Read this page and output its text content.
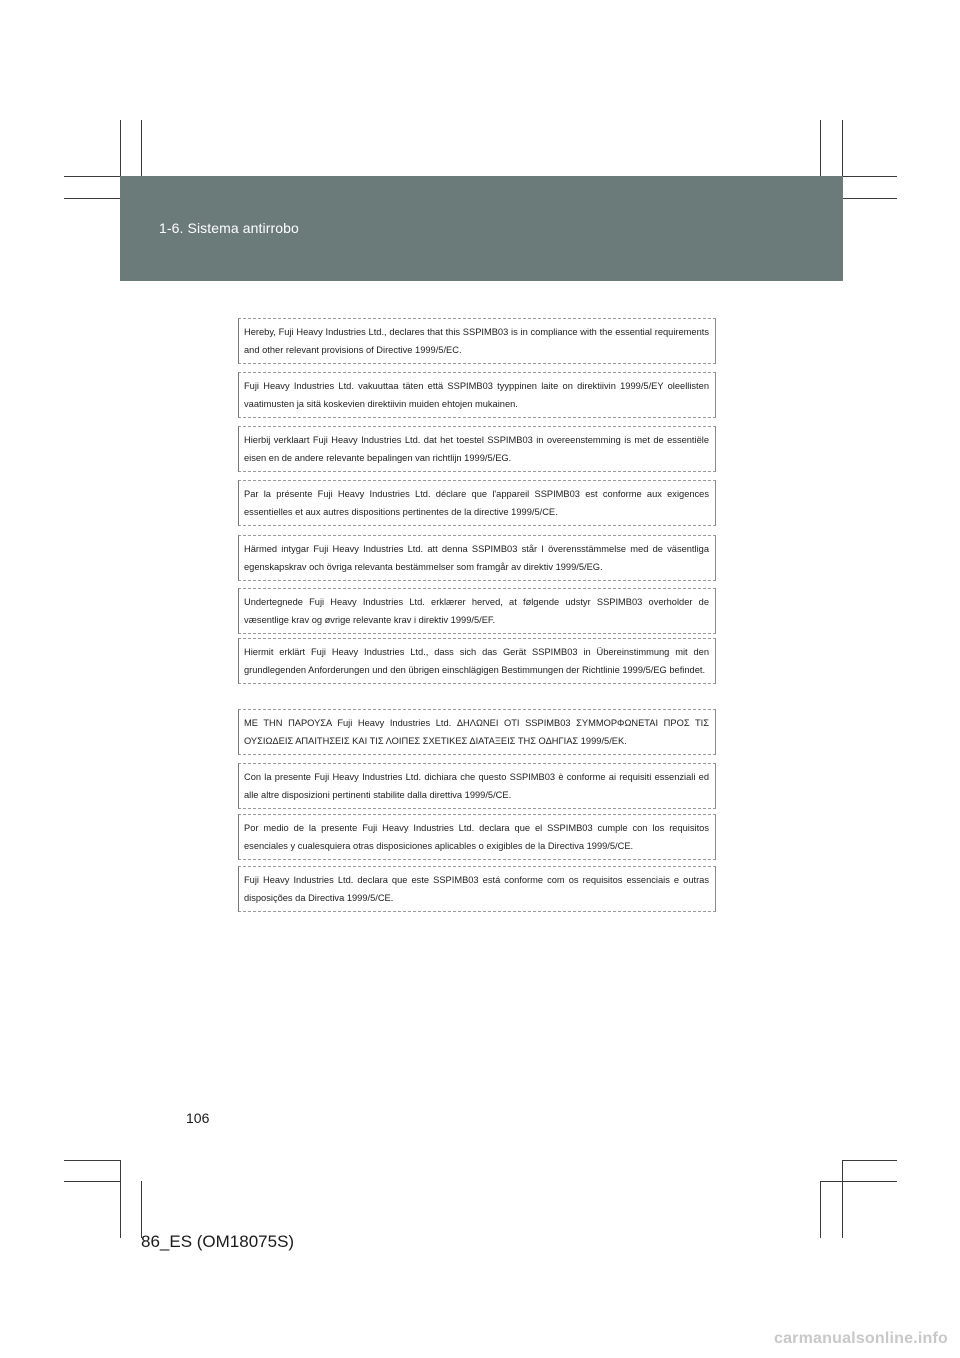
1-6. Sistema antirrobo
Hereby, Fuji Heavy Industries Ltd., declares that this SSPIMB03 is in compliance with the essential requirements and other relevant provisions of Directive 1999/5/EC.
Fuji Heavy Industries Ltd. vakuuttaa täten että SSPIMB03 tyyppinen laite on direktiivin 1999/5/EY oleellisten vaatimusten ja sitä koskevien direktiivin muiden ehtojen mukainen.
Hierbij verklaart Fuji Heavy Industries Ltd. dat het toestel SSPIMB03 in overeenstemming is met de essentiële eisen en de andere relevante bepalingen van richtlijn 1999/5/EG.
Par la présente Fuji Heavy Industries Ltd. déclare que l'appareil SSPIMB03 est conforme aux exigences essentielles et aux autres dispositions pertinentes de la directive 1999/5/CE.
Härmed intygar Fuji Heavy Industries Ltd. att denna SSPIMB03 står I överensstämmelse med de väsentliga egenskapskrav och övriga relevanta bestämmelser som framgår av direktiv 1999/5/EG.
Undertegnede Fuji Heavy Industries Ltd. erklærer herved, at følgende udstyr SSPIMB03 overholder de væsentlige krav og øvrige relevante krav i direktiv 1999/5/EF.
Hiermit erklärt Fuji Heavy Industries Ltd., dass sich das Gerät SSPIMB03 in Übereinstimmung mit den grundlegenden Anforderungen und den übrigen einschlägigen Bestimmungen der Richtlinie 1999/5/EG befindet.
ΜΕ ΤΗΝ ΠΑΡΟΥΣΑ Fuji Heavy Industries Ltd. ΔΗΛΩΝΕΙ ΟΤΙ SSPIMB03 ΣΥΜΜΟΡΦΩΝΕΤΑΙ ΠΡΟΣ ΤΙΣ ΟΥΣΙΩΔΕΙΣ ΑΠΑΙΤΗΣΕΙΣ ΚΑΙ ΤΙΣ ΛΟΙΠΕΣ ΣΧΕΤΙΚΕΣ ΔΙΑΤΑΞΕΙΣ ΤΗΣ ΟΔΗΓΙΑΣ 1999/5/ΕΚ.
Con la presente Fuji Heavy Industries Ltd. dichiara che questo SSPIMB03 è conforme ai requisiti essenziali ed alle altre disposizioni pertinenti stabilite dalla direttiva 1999/5/CE.
Por medio de la presente Fuji Heavy Industries Ltd. declara que el SSPIMB03 cumple con los requisitos esenciales y cualesquiera otras disposiciones aplicables o exigibles de la Directiva 1999/5/CE.
Fuji Heavy Industries Ltd. declara que este SSPIMB03 está conforme com os requisitos essenciais e outras disposições da Directiva 1999/5/CE.
106
86_ES (OM18075S)
carmanualsonline.info
